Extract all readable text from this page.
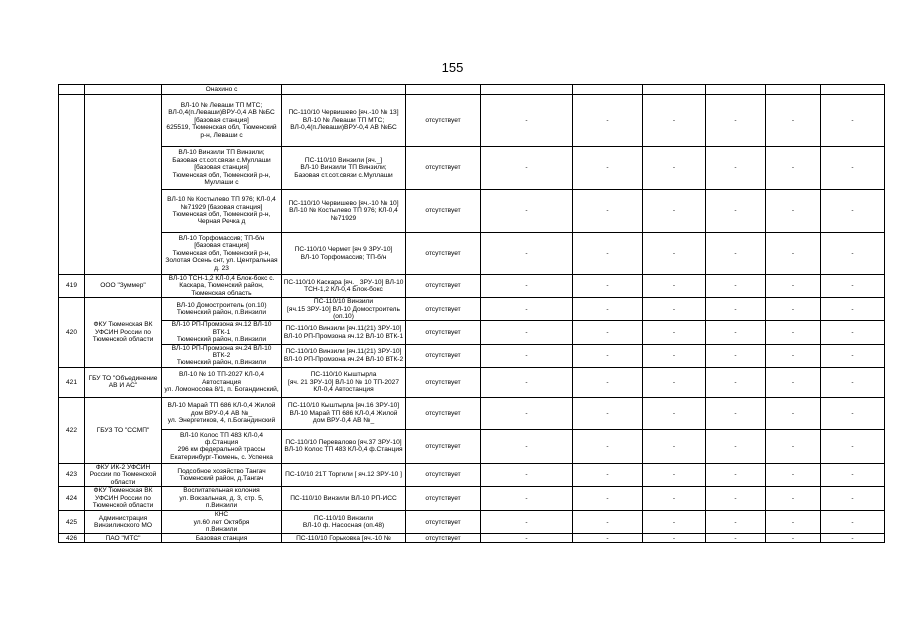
155
		Онахино с								
		ВЛ-10 № Леваши ТП МТС; ВЛ-0,4(п.Леваши)ВРУ-0,4 АВ №БС
[базовая станция]
625519, Тюменская обл, Тюменский р-н, Леваши с	ПС-110/10 Червишево [яч.-10 № 13]
ВЛ-10 № Леваши ТП МТС; ВЛ-0,4(п.Леваши)ВРУ-0,4 АВ №БС	отсутствует	-	-	-	-	-	-
		ВЛ-10 Винзили ТП Винзили;
Базовая ст.сот.связи с.Муллаши
[базовая станция]
Тюменская обл, Тюменский р-н, Муллаши с	ПС-110/10 Винзили [яч._]
ВЛ-10 Винзили ТП Винзили;
Базовая ст.сот.связи с.Муллаши	отсутствует	-	-	-	-	-	-
		ВЛ-10 № Костылево ТП 976; КЛ-0,4 №71929 [базовая станция]
Тюменская обл, Тюменский р-н, Черная Речка д	ПС-110/10 Червишево [яч.-10 № 10]
ВЛ-10 № Костылево ТП 976; КЛ-0,4 №71929	отсутствует	-	-	-	-	-	-
		ВЛ-10 Торфомассив; ТП-б/н
[базовая станция]
Тюменская обл, Тюменский р-н, Золотая Осень снт, ул. Центральная д. 23	ПС-110/10 Чермет [яч 9 ЗРУ-10]
ВЛ-10 Торфомассив; ТП-б/н	отсутствует	-	-	-	-	-	-
419	ООО "Зуммер"	ВЛ-10 ТСН-1,2 КЛ-0,4 Блок-бокс с. Каскара, Тюменский район, Тюменская область	ПС-110/10 Каскара [яч._ ЗРУ-10] ВЛ-10 ТСН-1,2 КЛ-0,4 Блок-бокс	отсутствует	-	-	-	-	-	-
420	ФКУ Тюменская ВК УФСИН России по Тюменской области	ВЛ-10 Домостроитель (оп.10)
Тюменский район, п.Винзили	ПС-110/10 Винзили
[яч.15 ЗРУ-10] ВЛ-10 Домостроитель (оп.10)	отсутствует	-	-	-	-	-	-
		ВЛ-10 РП-Промзона яч.12 ВЛ-10 ВТК-1
Тюменский район, п.Винзили	ПС-110/10 Винзили [яч.11(21) ЗРУ-10] ВЛ-10 РП-Промзона яч.12 ВЛ-10 ВТК-1	отсутствует	-	-	-	-	-	-
		ВЛ-10 РП-Промзона яч.24 ВЛ-10 ВТК-2
Тюменский район, п.Винзили	ПС-110/10 Винзили [яч.11(21) ЗРУ-10] ВЛ-10 РП-Промзона яч.24 ВЛ-10 ВТК-2	отсутствует	-	-	-	-	-	-
421	ГБУ ТО "Объединение АВ И АС"	ВЛ-10 № 10 ТП-2027 КЛ-0,4 Автостанция
ул. Ломоносова 8/1, п. Богандинский,	ПС-110/10 Кыштырла
[яч. 21 ЗРУ-10] ВЛ-10 № 10 ТП-2027 КЛ-0,4 Автостанция	отсутствует	-	-	-	-	-	-
422	ГБУЗ ТО "ССМП"	ВЛ-10 Марай ТП 686 КЛ-0,4 Жилой дом ВРУ-0,4 АВ №_
ул. Энергетиков, 4, п.Богандинский	ПС-110/10 Кыштырла [яч.16 ЗРУ-10] ВЛ-10 Марай ТП 686 КЛ-0,4 Жилой дом ВРУ-0,4 АВ №_	отсутствует	-	-	-	-	-	-
		ВЛ-10 Колос ТП 483 КЛ-0,4 ф.Станция
296 км федеральной трассы Екатеринбург-Тюмень, с. Успенка	ПС-110/10 Перевалово [яч.37 ЗРУ-10] ВЛ-10 Колос ТП 483 КЛ-0,4 ф.Станция	отсутствует	-	-	-	-	-	-
423	ФКУ ИК-2 УФСИН России по Тюменской области	Подсобное хозяйство Тангач
Тюменский район, д.Тангач	ПС-10/10 21Т Торгили [ яч.12 ЗРУ-10 ]	отсутствует	-	-	-	-	-	-
424	ФКУ Тюменская ВК УФСИН России по Тюменской области	Воспитательная колония
ул. Вокзальная, д. 3, стр. 5, п.Винзили	ПС-110/10 Винзили ВЛ-10 РП-ИСС	отсутствует	-	-	-	-	-	-
425	Администрация Винзилинского МО	КНС
ул.60 лет Октября
п.Винзили	ПС-110/10 Винзили
ВЛ-10 ф. Насосная (оп.48)	отсутствует	-	-	-	-	-	-
426	ПАО "МТС"	Базовая станция	ПС-110/10 Горьковка [яч.-10 №	отсутствует	-	-	-	-	-	-
